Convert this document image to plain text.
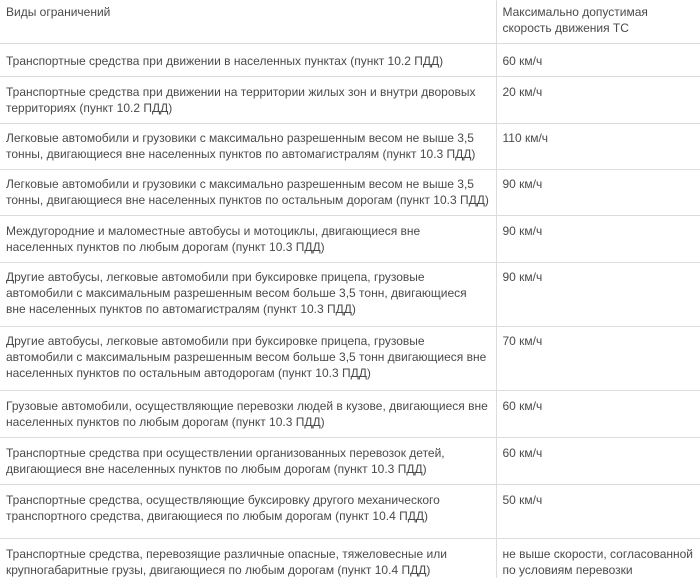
Виды ограничений	Максимально допустимая скорость движения ТС
Транспортные средства при движении в населенных пунктах (пункт 10.2 ПДД)	60 км/ч
Транспортные средства при движении на территории жилых зон и внутри дворовых территориях (пункт 10.2 ПДД)	20 км/ч
Легковые автомобили и грузовики с максимально разрешенным весом не выше 3,5 тонны, двигающиеся вне населенных пунктов по автомагистралям (пункт 10.3 ПДД)	110 км/ч
Легковые автомобили и грузовики с максимально разрешенным весом не выше 3,5 тонны, двигающиеся вне населенных пунктов по остальным дорогам (пункт 10.3 ПДД)	90 км/ч
Междугородние и маломестные автобусы и мотоциклы, двигающиеся вне населенных пунктов по любым дорогам (пункт 10.3 ПДД)	90 км/ч
Другие автобусы, легковые автомобили при буксировке прицепа, грузовые автомобили с максимальным разрешенным весом больше 3,5 тонн, двигающиеся вне населенных пунктов по автомагистралям (пункт 10.3 ПДД)	90 км/ч
Другие автобусы, легковые автомобили при буксировке прицепа, грузовые автомобили с максимальным разрешенным весом больше 3,5 тонн двигающиеся вне населенных пунктов по остальным автодорогам (пункт 10.3 ПДД)	70 км/ч
Грузовые автомобили, осуществляющие перевозки людей в кузове, двигающиеся вне населенных пунктов по любым дорогам (пункт 10.3 ПДД)	60 км/ч
Транспортные средства при осуществлении организованных перевозок детей, двигающиеся вне населенных пунктов по любым дорогам (пункт 10.3 ПДД)	60 км/ч
Транспортные средства, осуществляющие буксировку другого механического транспортного средства, двигающиеся по любым дорогам (пункт 10.4 ПДД)	50 км/ч
Транспортные средства, перевозящие различные опасные, тяжеловесные или крупногабаритные грузы, двигающиеся по любым дорогам (пункт 10.4 ПДД)	не выше скорости, согласованной по условиям перевозки
